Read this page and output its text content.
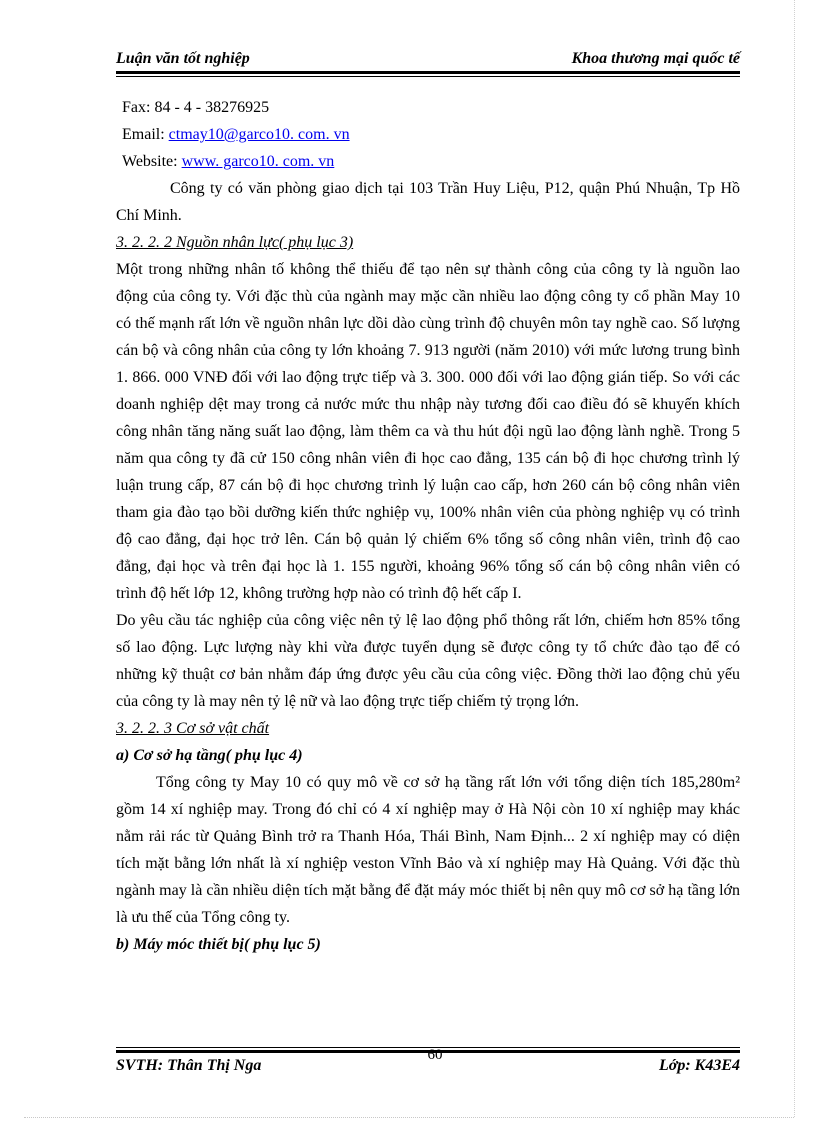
Luận văn tốt nghiệp	Khoa thương mại quốc tế

Fax: 84 - 4 - 38276925

Email: ctmay10@garco10. com. vn

Website: www. garco10. com. vn

Công ty có văn phòng giao dịch tại 103 Trần Huy Liệu, P12, quận Phú Nhuận, Tp Hồ Chí Minh.

3. 2. 2. 2 Nguồn nhân lực( phụ lục 3)

Một trong những nhân tố không thể thiếu để tạo nên sự thành công của công ty là nguồn lao động của công ty. Với đặc thù của ngành may mặc cần nhiều lao động công ty cổ phần May 10 có thế mạnh rất lớn về nguồn nhân lực dồi dào cùng trình độ chuyên môn tay nghề cao. Số lượng cán bộ và công nhân của công ty lớn khoảng 7. 913 người (năm 2010) với mức lương trung bình 1. 866. 000 VNĐ đối với lao động trực tiếp và 3. 300. 000 đối với lao động gián tiếp. So với các doanh nghiệp dệt may trong cả nước mức thu nhập này tương đối cao điều đó sẽ khuyến khích công nhân tăng năng suất lao động, làm thêm ca và thu hút đội ngũ lao động lành nghề. Trong 5 năm qua công ty đã cử 150 công nhân viên đi học cao đẳng, 135 cán bộ đi học chương trình lý luận trung cấp, 87 cán bộ đi học chương trình lý luận cao cấp, hơn 260 cán bộ công nhân viên tham gia đào tạo bồi dưỡng kiến thức nghiệp vụ, 100% nhân viên của phòng nghiệp vụ có trình độ cao đẳng, đại học trở lên. Cán bộ quản lý chiếm 6% tổng số công nhân viên, trình độ cao đẳng, đại học và trên đại học là 1. 155 người, khoảng 96% tổng số cán bộ công nhân viên có trình độ hết lớp 12, không trường hợp nào có trình độ hết cấp I.

Do yêu cầu tác nghiệp của công việc nên tỷ lệ lao động phổ thông rất lớn, chiếm hơn 85% tổng số lao động. Lực lượng này khi vừa được tuyển dụng sẽ được công ty tổ chức đào tạo để có những kỹ thuật cơ bản nhằm đáp ứng được yêu cầu của công việc. Đồng thời lao động chủ yếu của công ty là may nên tỷ lệ nữ và lao động trực tiếp chiếm tỷ trọng lớn.

3. 2. 2. 3 Cơ sở vật chất

a) Cơ sở hạ tầng( phụ lục 4)

Tổng công ty May 10 có quy mô về cơ sở hạ tầng rất lớn với tổng diện tích 185,280m² gồm 14 xí nghiệp may. Trong đó chỉ có 4 xí nghiệp may ở Hà Nội còn 10 xí nghiệp may khác nằm rải rác từ Quảng Bình trở ra Thanh Hóa, Thái Bình, Nam Định... 2 xí nghiệp may có diện tích mặt bằng lớn nhất là xí nghiệp veston Vĩnh Bảo và xí nghiệp may Hà Quảng. Với đặc thù ngành may là cần nhiều diện tích mặt bằng để đặt máy móc thiết bị nên quy mô cơ sở hạ tầng lớn là ưu thế của Tổng công ty.

b) Máy móc thiết bị( phụ lục 5)

60
SVTH: Thân Thị Nga	Lớp: K43E4
